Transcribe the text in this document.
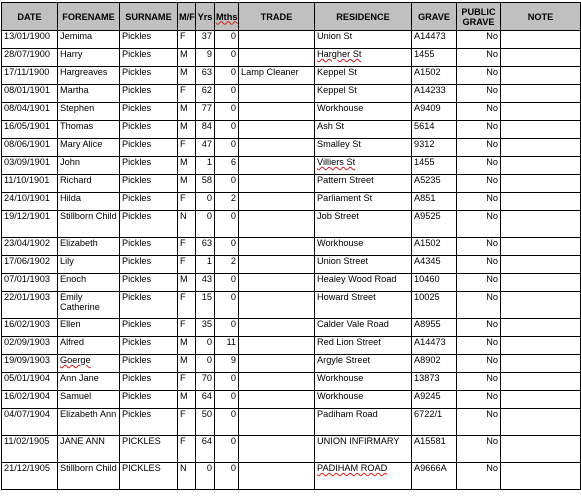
DATE	FORENAME	SURNAME	M/F	Yrs	Mths	TRADE	RESIDENCE	GRAVE	PUBLIC GRAVE	NOTE
13/01/1900	Jemima	Pickles	F	37	0		Union St	A14473	No	
28/07/1900	Harry	Pickles	M	9	0		Hargher St	1455	No	
17/11/1900	Hargreaves	Pickles	M	63	0	Lamp Cleaner	Keppel St	A1502	No	
08/01/1901	Martha	Pickles	F	62	0		Keppel St	A14233	No	
08/04/1901	Stephen	Pickles	M	77	0		Workhouse	A9409	No	
16/05/1901	Thomas	Pickles	M	84	0		Ash St	5614	No	
08/06/1901	Mary Alice	Pickles	F	47	0		Smalley St	9312	No	
03/09/1901	John	Pickles	M	1	6		Villiers St	1455	No	
11/10/1901	Richard	Pickles	M	58	0		Pattern Street	A5235	No	
24/10/1901	Hilda	Pickles	F	0	2		Parliament St	A851	No	
19/12/1901	Stillborn Child	Pickles	N	0	0		Job Street	A9525	No	
23/04/1902	Elizabeth	Pickles	F	63	0		Workhouse	A1502	No	
17/06/1902	Lily	Pickles	F	1	2		Union Street	A4345	No	
07/01/1903	Enoch	Pickles	M	43	0		Healey Wood Road	10460	No	
22/01/1903	Emily Catherine	Pickles	F	15	0		Howard Street	10025	No	
16/02/1903	Ellen	Pickles	F	35	0		Calder Vale Road	A8955	No	
02/09/1903	Alfred	Pickles	M	0	11		Red Lion Street	A14473	No	
19/09/1903	Goerge	Pickles	M	0	9		Argyle Street	A8902	No	
05/01/1904	Ann Jane	Pickles	F	70	0		Workhouse	13873	No	
16/02/1904	Samuel	Pickles	M	64	0		Workhouse	A9245	No	
04/07/1904	Elizabeth Ann	Pickles	F	50	0		Padiham Road	6722/1	No	
11/02/1905	JANE ANN	PICKLES	F	64	0		UNION INFIRMARY	A15581	No	
21/12/1905	Stillborn Child	PICKLES	N	0	0		PADIHAM ROAD	A9666A	No	
